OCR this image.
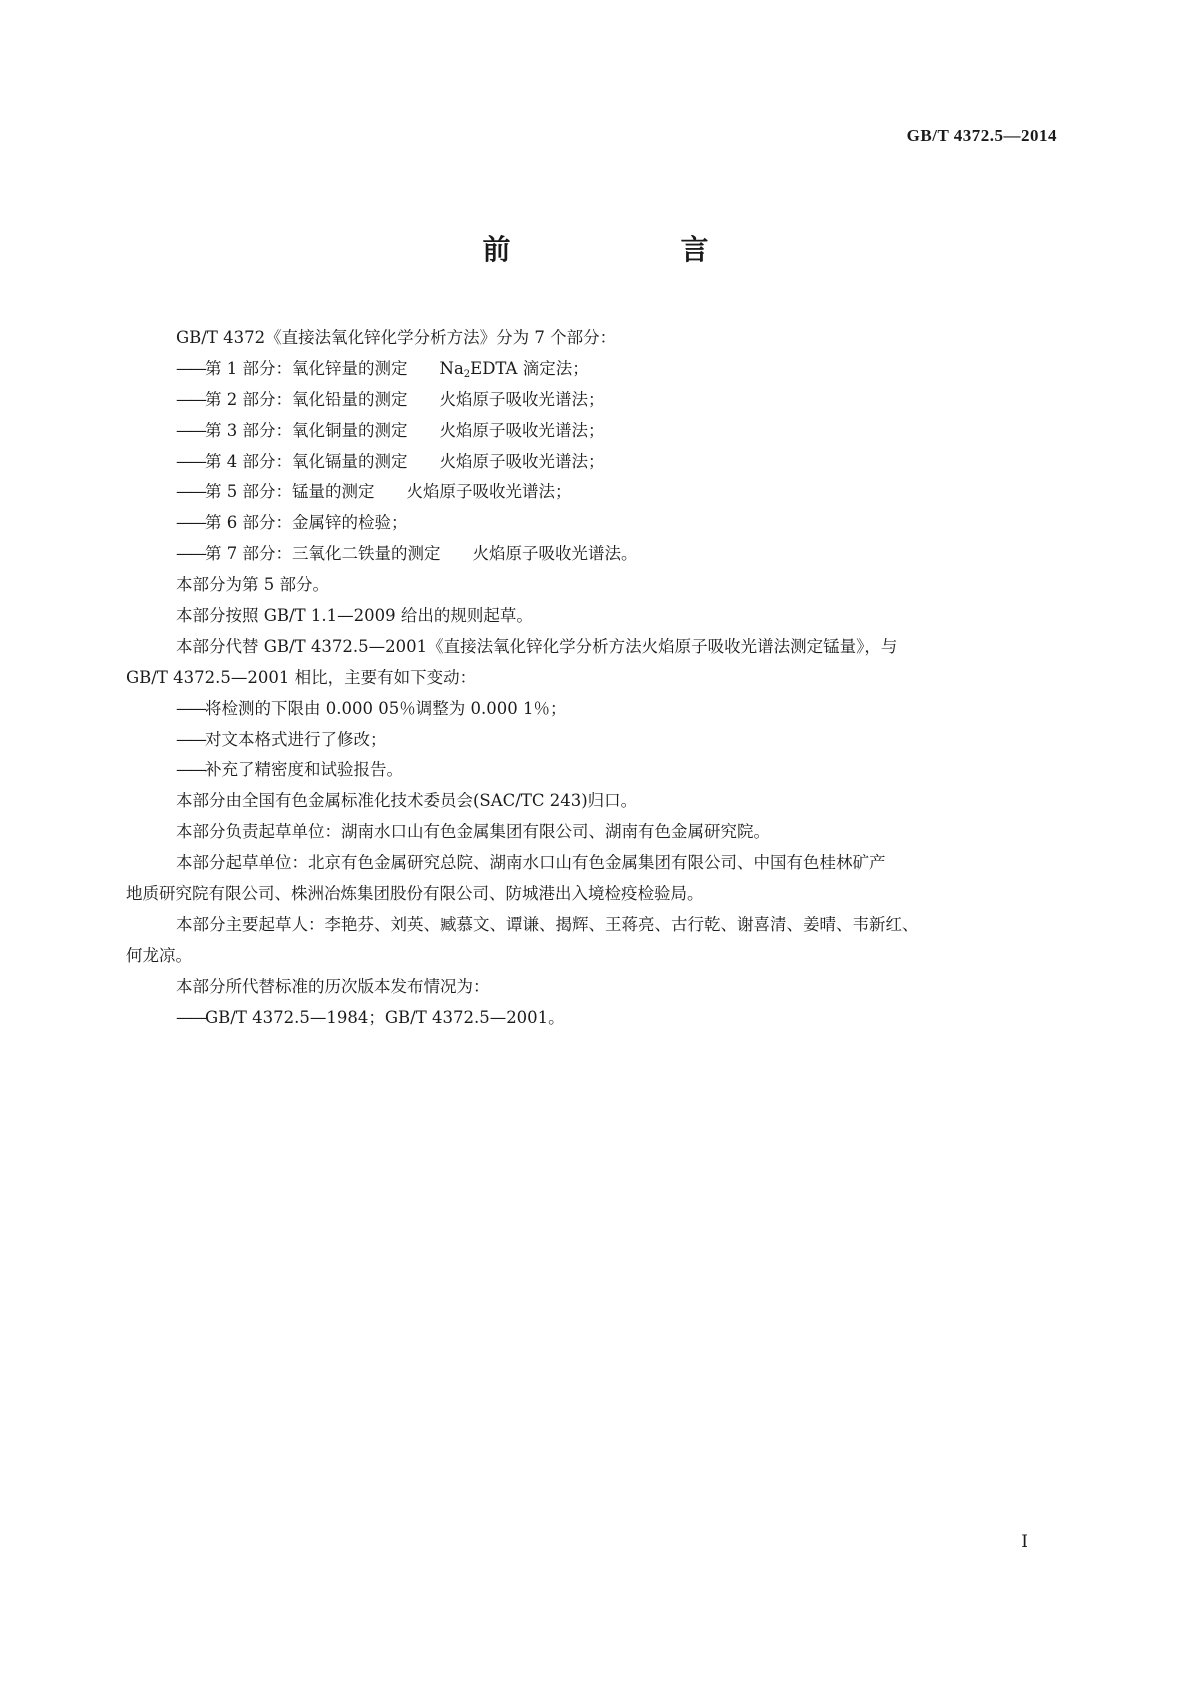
GB/T 4372.5—2014
前　　言
GB/T 4372《直接法氧化锌化学分析方法》分为 7 个部分：
——第 1 部分：氧化锌量的测定 $Na_2EDTA$ 滴定法；
——第 2 部分：氧化铅量的测定 火焰原子吸收光谱法；
——第 3 部分：氧化铜量的测定 火焰原子吸收光谱法；
——第 4 部分：氧化镉量的测定 火焰原子吸收光谱法；
——第 5 部分：锰量的测定 火焰原子吸收光谱法；
——第 6 部分：金属锌的检验；
——第 7 部分：三氧化二铁量的测定 火焰原子吸收光谱法。
本部分为第 5 部分。
本部分按照 GB/T 1.1—2009 给出的规则起草。
本部分代替 GB/T 4372.5—2001《直接法氧化锌化学分析方法火焰原子吸收光谱法测定锰量》，与
GB/T 4372.5—2001 相比，主要有如下变动：
——将检测的下限由 0.000 05％调整为 0.000 1％；
——对文本格式进行了修改；
——补充了精密度和试验报告。
本部分由全国有色金属标准化技术委员会(SAC/TC 243)归口。
本部分负责起草单位：湖南水口山有色金属集团有限公司、湖南有色金属研究院。
本部分起草单位：北京有色金属研究总院、湖南水口山有色金属集团有限公司、中国有色桂林矿产
地质研究院有限公司、株洲冶炼集团股份有限公司、防城港出入境检疫检验局。
本部分主要起草人：李艳芬、刘英、臧慕文、谭谦、揭辉、王蒋亮、古行乾、谢喜清、姜晴、韦新红、
何龙凉。
本部分所代替标准的历次版本发布情况为：
——GB/T 4372.5—1984；GB/T 4372.5—2001。
I
